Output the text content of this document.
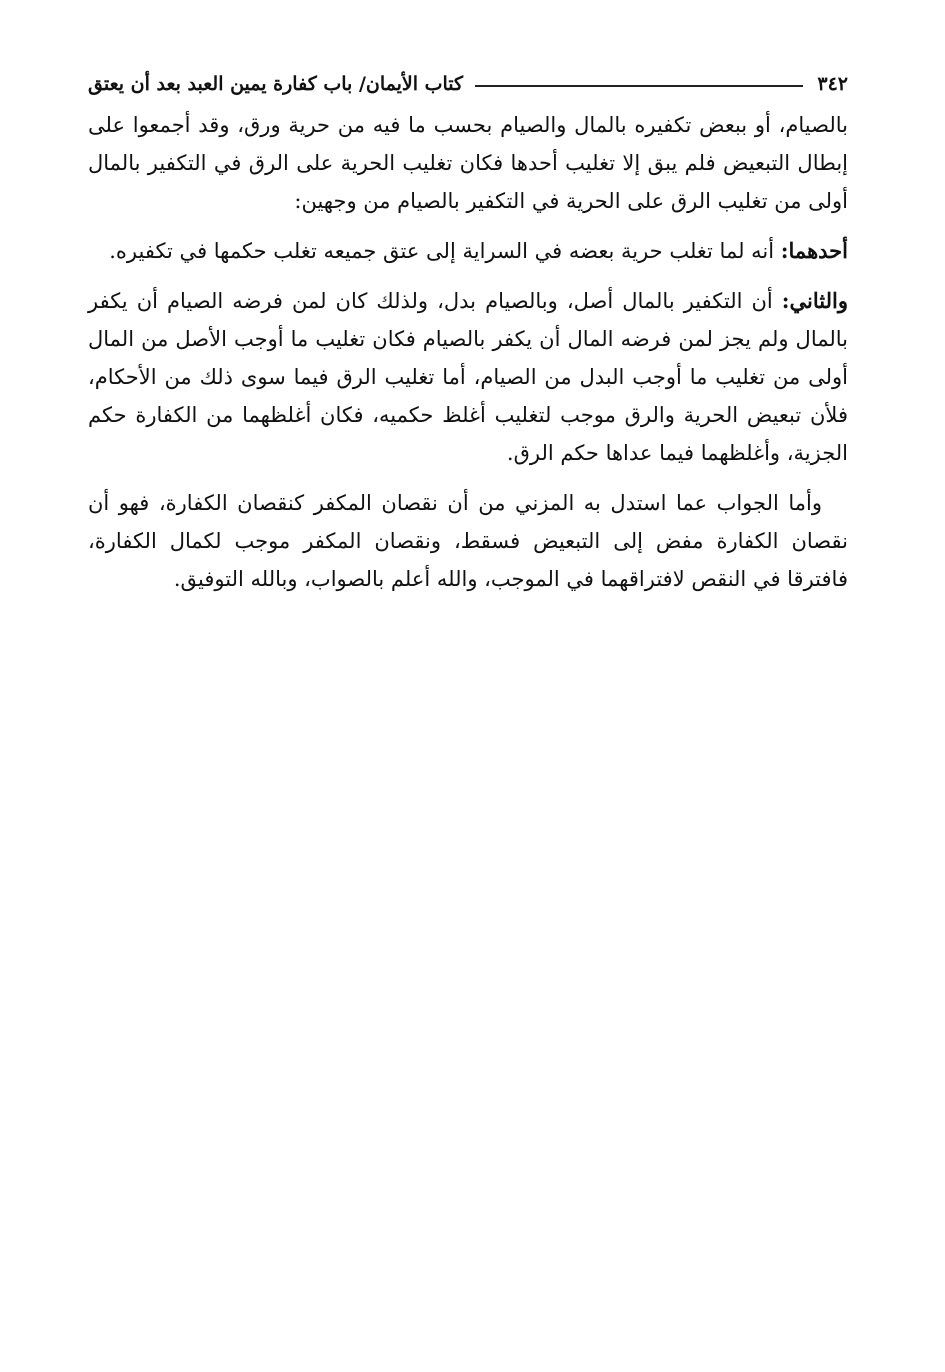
٣٤٢
كتاب الأيمان/ باب كفارة يمين العبد بعد أن يعتق

بالصيام، أو ببعض تكفيره بالمال والصيام بحسب ما فيه من حرية ورق، وقد أجمعوا على إبطال التبعيض فلم يبق إلا تغليب أحدها فكان تغليب الحرية على الرق في التكفير بالمال أولى من تغليب الرق على الحرية في التكفير بالصيام من وجهين:

أحدهما: أنه لما تغلب حرية بعضه في السراية إلى عتق جميعه تغلب حكمها في تكفيره.

والثاني: أن التكفير بالمال أصل، وبالصيام بدل، ولذلك كان لمن فرضه الصيام أن يكفر بالمال ولم يجز لمن فرضه المال أن يكفر بالصيام فكان تغليب ما أوجب الأصل من المال أولى من تغليب ما أوجب البدل من الصيام، أما تغليب الرق فيما سوى ذلك من الأحكام، فلأن تبعيض الحرية والرق موجب لتغليب أغلظ حكميه، فكان أغلظهما من الكفارة حكم الجزية، وأغلظهما فيما عداها حكم الرق.

وأما الجواب عما استدل به المزني من أن نقصان المكفر كنقصان الكفارة، فهو أن نقصان الكفارة مفض إلى التبعيض فسقط، ونقصان المكفر موجب لكمال الكفارة، فافترقا في النقص لافتراقهما في الموجب، والله أعلم بالصواب، وبالله التوفيق.
